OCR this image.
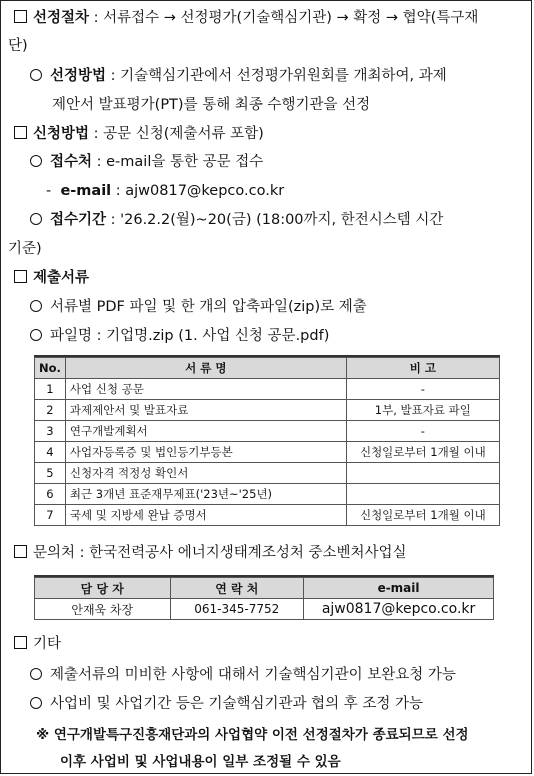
선정절차 : 서류접수 → 선정평가(기술핵심기관) → 확정 → 협약(특구재
단)
선정방법 : 기술핵심기관에서 선정평가위원회를 개최하여, 과제
제안서 발표평가(PT)를 통해 최종 수행기관을 선정
신청방법 : 공문 신청(제출서류 포함)
접수처 : e-mail을 통한 공문 접수
- e-mail : ajw0817@kepco.co.kr
접수기간 : '26.2.2(월)~20(금) (18:00까지, 한전시스템 시간
기준)
제출서류
서류별 PDF 파일 및 한 개의 압축파일(zip)로 제출
파일명 : 기업명.zip (1. 사업 신청 공문.pdf)
No.	서 류 명	비 고
1	사업 신청 공문	-
2	과제제안서 및 발표자료	1부, 발표자료 파일
3	연구개발계획서	-
4	사업자등록증 및 법인등기부등본	신청일로부터 1개월 이내
5	신청자격 적정성 확인서	
6	최근 3개년 표준재무제표('23년~'25년)	
7	국세 및 지방세 완납 증명서	신청일로부터 1개월 이내
문의처 : 한국전력공사 에너지생태계조성처 중소벤처사업실
담 당 자	연 락 처	e-mail
안재욱 차장	061-345-7752	ajw0817@kepco.co.kr
기타
제출서류의 미비한 사항에 대해서 기술핵심기관이 보완요청 가능
사업비 및 사업기간 등은 기술핵심기관과 협의 후 조정 가능
※ 연구개발특구진흥재단과의 사업협약 이전 선정절차가 종료되므로 선정
이후 사업비 및 사업내용이 일부 조정될 수 있음
